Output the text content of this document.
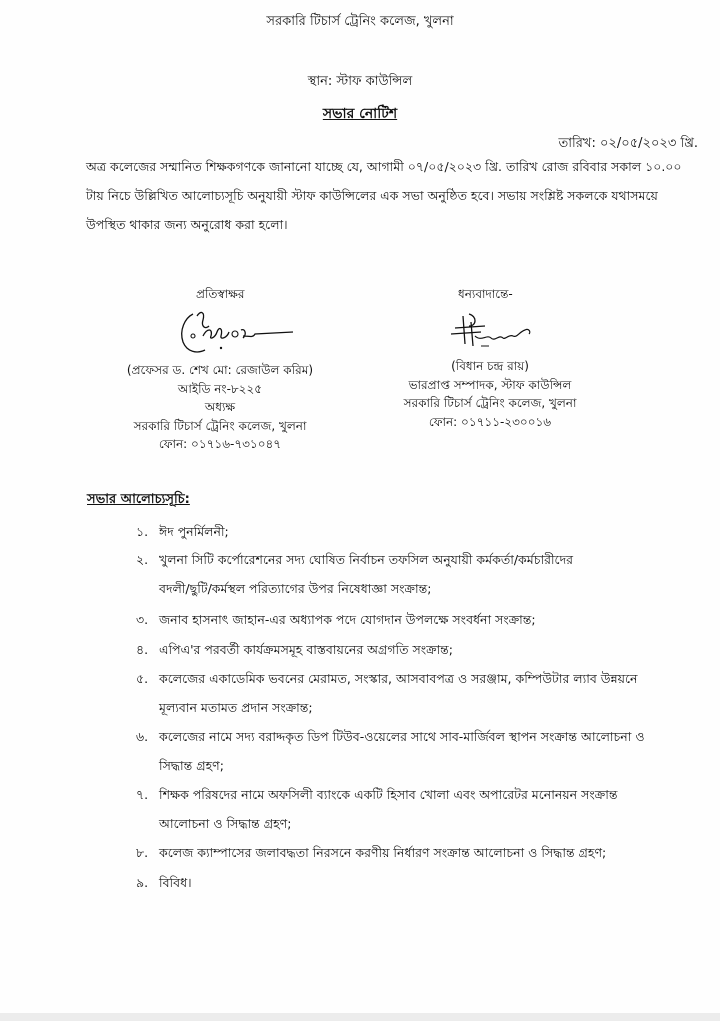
সরকারি টিচার্স ট্রেনিং কলেজ, খুলনা
স্থান: স্টাফ কাউন্সিল
সভার নোটিশ
তারিখ: ০২/০৫/২০২৩ খ্রি.
অত্র কলেজের সম্মানিত শিক্ষকগণকে জানানো যাচ্ছে যে, আগামী ০৭/০৫/২০২৩ খ্রি. তারিখ রোজ রবিবার সকাল ১০.০০
টায় নিচে উল্লিখিত আলোচ্যসূচি অনুযায়ী স্টাফ কাউন্সিলের এক সভা অনুষ্ঠিত হবে। সভায় সংশ্লিষ্ট সকলকে যথাসময়ে
উপস্থিত থাকার জন্য অনুরোধ করা হলো।
প্রতিস্বাক্ষর
(প্রফেসর ড. শেখ মো: রেজাউল করিম)
আইডি নং-৮২২৫
অধ্যক্ষ
সরকারি টিচার্স ট্রেনিং কলেজ, খুলনা
ফোন: ০১৭১৬-৭৩১০৪৭
ধন্যবাদান্তে-
(বিধান চন্দ্র রায়)
ভারপ্রাপ্ত সম্পাদক, স্টাফ কাউন্সিল
সরকারি টিচার্স ট্রেনিং কলেজ, খুলনা
ফোন: ০১৭১১-২৩০০১৬
সভার আলোচ্যসূচি:
১. ঈদ পুনর্মিলনী;
২. খুলনা সিটি কর্পোরেশনের সদ্য ঘোষিত নির্বাচন তফসিল অনুযায়ী কর্মকর্তা/কর্মচারীদের
বদলী/ছুটি/কর্মস্থল পরিত্যাগের উপর নিষেধাজ্ঞা সংক্রান্ত;
৩. জনাব হাসনাৎ জাহান-এর অধ্যাপক পদে যোগদান উপলক্ষে সংবর্ধনা সংক্রান্ত;
৪. এপিএ'র পরবর্তী কার্যক্রমসমূহ বাস্তবায়নের অগ্রগতি সংক্রান্ত;
৫. কলেজের একাডেমিক ভবনের মেরামত, সংস্কার, আসবাবপত্র ও সরঞ্জাম, কম্পিউটার ল্যাব উন্নয়নে
মূল্যবান মতামত প্রদান সংক্রান্ত;
৬. কলেজের নামে সদ্য বরাদ্দকৃত ডিপ টিউব-ওয়েলের সাথে সাব-মার্জিবল স্থাপন সংক্রান্ত আলোচনা ও
সিদ্ধান্ত গ্রহণ;
৭. শিক্ষক পরিষদের নামে অফসিলী ব্যাংকে একটি হিসাব খোলা এবং অপারেটর মনোনয়ন সংক্রান্ত
আলোচনা ও সিদ্ধান্ত গ্রহণ;
৮. কলেজ ক্যাম্পাসের জলাবদ্ধতা নিরসনে করণীয় নির্ধারণ সংক্রান্ত আলোচনা ও সিদ্ধান্ত গ্রহণ;
৯. বিবিধ।
